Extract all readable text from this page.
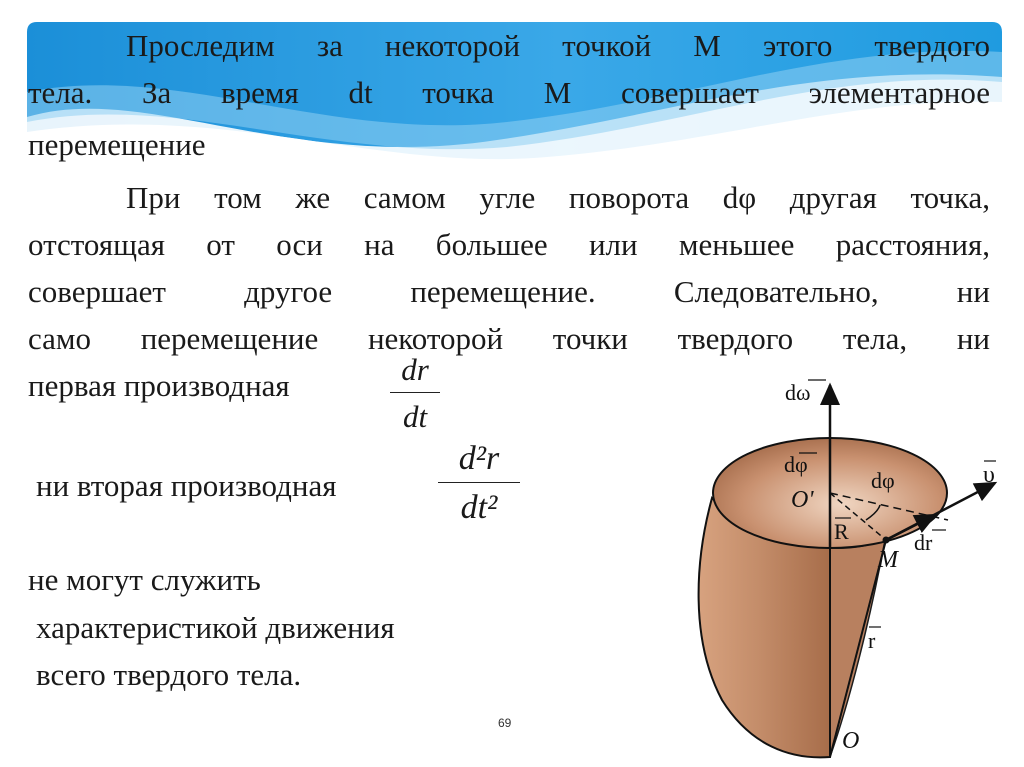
Проследим за некоторой точкой M этого твердого
тела. За время dt точка M совершает элементарное

перемещение

При том же самом угле поворота dφ другая точка,
отстоящая от оси на большее или меньшее расстояния,
совершает другое перемещение. Следовательно, ни
само перемещение некоторой точки твердого тела, ни

первая производная	dr
dt

ни вторая производная

d²r
dt²

не могут служить

характеристикой движения

всего твердого тела.

69
dω
dφ
dφ
O'
R
M
dr
υ
r
O
